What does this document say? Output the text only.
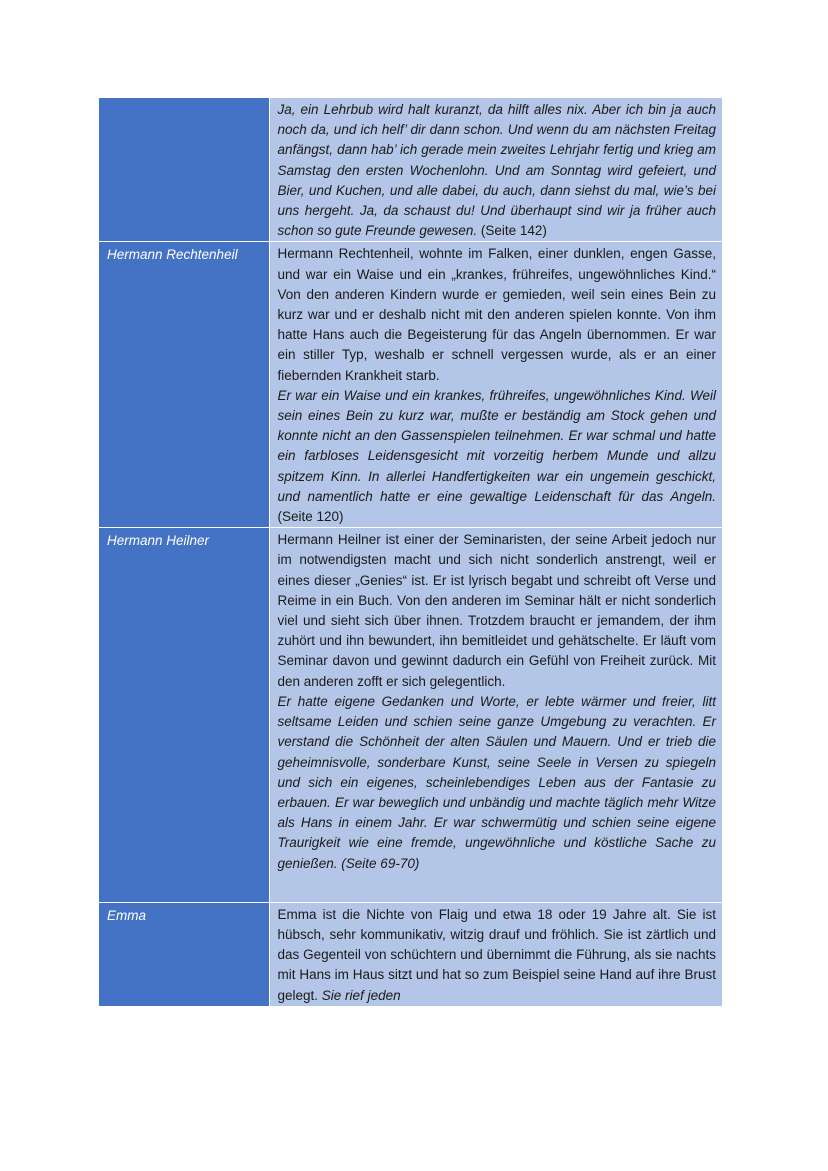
	Ja, ein Lehrbub wird halt kuranzt, da hilft alles nix. Aber ich bin ja auch noch da, und ich helf’ dir dann schon. Und wenn du am nächsten Freitag anfängst, dann hab’ ich gerade mein zweites Lehrjahr fertig und krieg am Samstag den ersten Wochenlohn. Und am Sonntag wird gefeiert, und Bier, und Kuchen, und alle dabei, du auch, dann siehst du mal, wie’s bei uns hergeht. Ja, da schaust du! Und überhaupt sind wir ja früher auch schon so gute Freunde gewesen. (Seite 142)

Hermann Rechtenheil	Hermann Rechtenheil, wohnte im Falken, einer dunklen, engen Gasse, und war ein Waise und ein „krankes, frühreifes, ungewöhnliches Kind.“ Von den anderen Kindern wurde er gemieden, weil sein eines Bein zu kurz war und er deshalb nicht mit den anderen spielen konnte. Von ihm hatte Hans auch die Begeisterung für das Angeln übernommen. Er war ein stiller Typ, weshalb er schnell vergessen wurde, als er an einer fiebernden Krankheit starb.

Er war ein Waise und ein krankes, frühreifes, ungewöhnliches Kind. Weil sein eines Bein zu kurz war, mußte er beständig am Stock gehen und konnte nicht an den Gassenspielen teilnehmen. Er war schmal und hatte ein farbloses Leidensgesicht mit vorzeitig herbem Munde und allzu spitzem Kinn. In allerlei Handfertigkeiten war ein ungemein geschickt, und namentlich hatte er eine gewaltige Leidenschaft für das Angeln. (Seite 120)

Hermann Heilner	Hermann Heilner ist einer der Seminaristen, der seine Arbeit jedoch nur im notwendigsten macht und sich nicht sonderlich anstrengt, weil er eines dieser „Genies“ ist. Er ist lyrisch begabt und schreibt oft Verse und Reime in ein Buch. Von den anderen im Seminar hält er nicht sonderlich viel und sieht sich über ihnen. Trotzdem braucht er jemandem, der ihm zuhört und ihn bewundert, ihn bemitleidet und gehätschelte. Er läuft vom Seminar davon und gewinnt dadurch ein Gefühl von Freiheit zurück. Mit den anderen zofft er sich gelegentlich.

Er hatte eigene Gedanken und Worte, er lebte wärmer und freier, litt seltsame Leiden und schien seine ganze Umgebung zu verachten. Er verstand die Schönheit der alten Säulen und Mauern. Und er trieb die geheimnisvolle, sonderbare Kunst, seine Seele in Versen zu spiegeln und sich ein eigenes, scheinlebendiges Leben aus der Fantasie zu erbauen. Er war beweglich und unbändig und machte täglich mehr Witze als Hans in einem Jahr. Er war schwermütig und schien seine eigene Traurigkeit wie eine fremde, ungewöhnliche und köstliche Sache zu genießen. (Seite 69-70)

Emma	Emma ist die Nichte von Flaig und etwa 18 oder 19 Jahre alt. Sie ist hübsch, sehr kommunikativ, witzig drauf und fröhlich. Sie ist zärtlich und das Gegenteil von schüchtern und übernimmt die Führung, als sie nachts mit Hans im Haus sitzt und hat so zum Beispiel seine Hand auf ihre Brust gelegt. Sie rief jeden
